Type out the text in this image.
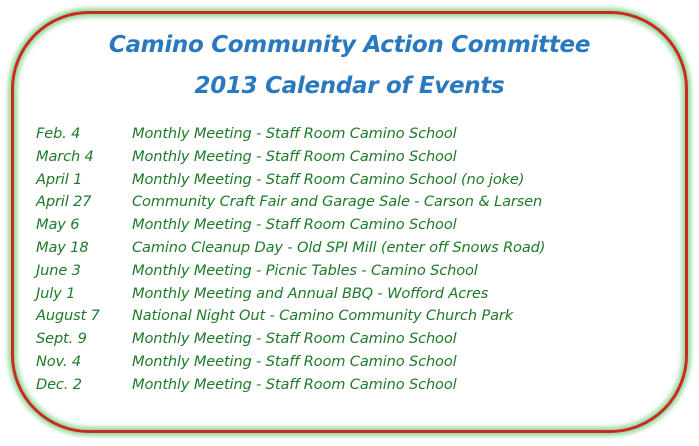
Camino Community Action Committee
2013 Calendar of Events
Feb. 4	Monthly Meeting - Staff Room Camino School
March 4	Monthly Meeting - Staff Room Camino School
April 1	Monthly Meeting - Staff Room Camino School (no joke)
April 27	Community Craft Fair and Garage Sale - Carson & Larsen
May 6	Monthly Meeting - Staff Room Camino School
May 18	Camino Cleanup Day - Old SPI Mill (enter off Snows Road)
June 3	Monthly Meeting - Picnic Tables - Camino School
July 1	Monthly Meeting and Annual BBQ - Wofford Acres
August 7	National Night Out - Camino Community Church Park
Sept. 9	Monthly Meeting - Staff Room Camino School
Nov. 4	Monthly Meeting - Staff Room Camino School
Dec. 2	Monthly Meeting - Staff Room Camino School
